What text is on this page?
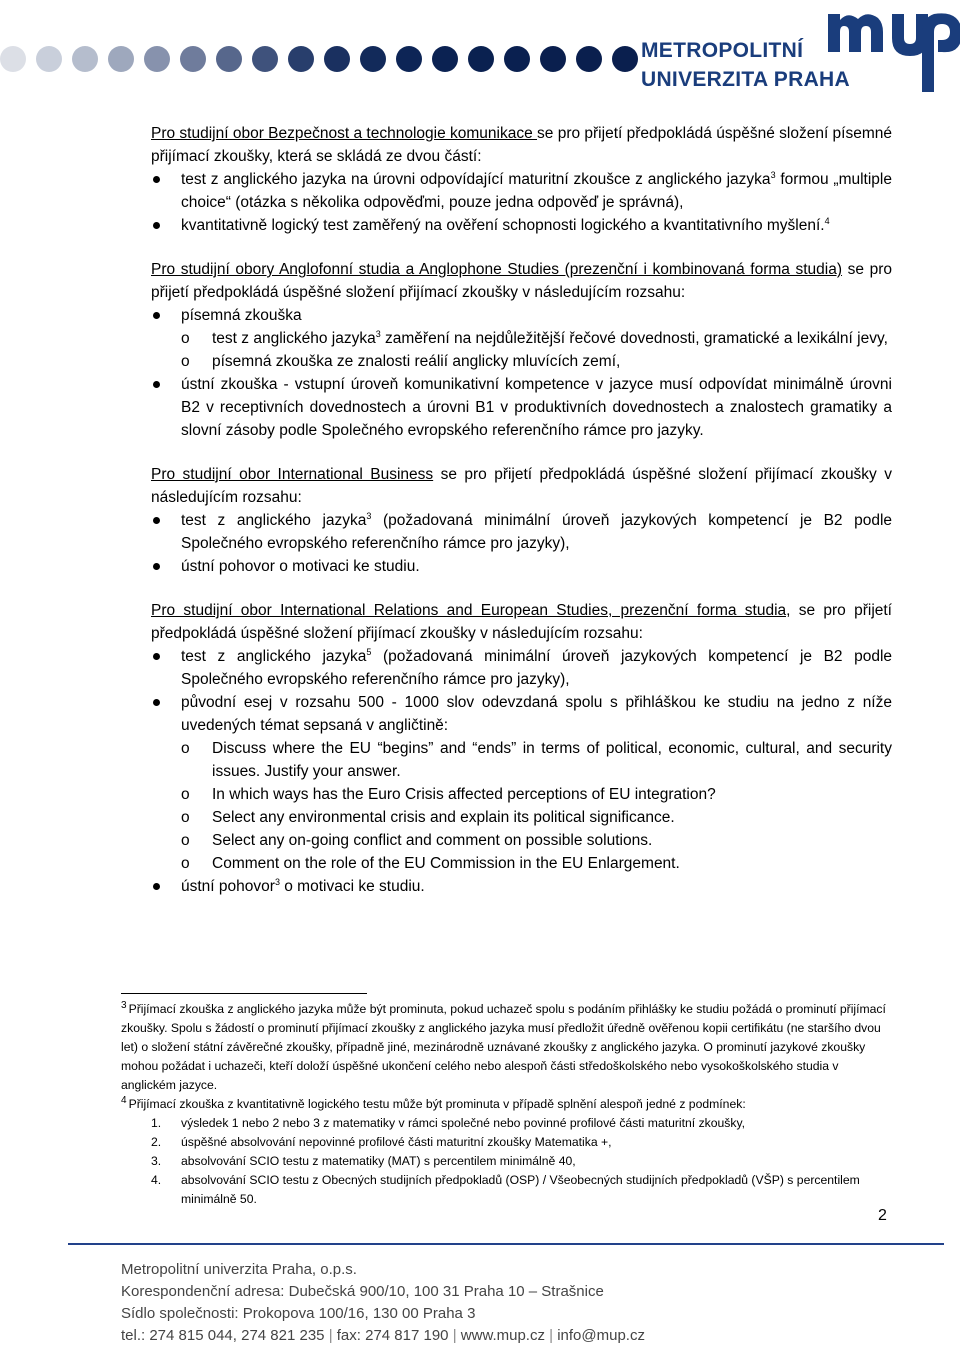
METROPOLITNÍ
UNIVERZITA PRAHA
Pro studijní obor Bezpečnost a technologie komunikace se pro přijetí předpokládá úspěšné složení písemné přijímací zkoušky, která se skládá ze dvou částí:
test z anglického jazyka na úrovni odpovídající maturitní zkoušce z anglického jazyka$^3$ formou „multiple choice“ (otázka s několika odpověďmi, pouze jedna odpověď je správná),
kvantitativně logický test zaměřený na ověření schopnosti logického a kvantitativního myšlení.$^4$
Pro studijní obory Anglofonní studia a Anglophone Studies (prezenční i kombinovaná forma studia) se pro přijetí předpokládá úspěšné složení přijímací zkoušky v následujícím rozsahu:
písemná zkouška
o test z anglického jazyka$^3$ zaměření na nejdůležitější řečové dovednosti, gramatické a lexikální jevy,
o písemná zkouška ze znalosti reálií anglicky mluvících zemí,
ústní zkouška - vstupní úroveň komunikativní kompetence v jazyce musí odpovídat minimálně úrovni B2 v receptivních dovednostech a úrovni B1 v produktivních dovednostech a znalostech gramatiky a slovní zásoby podle Společného evropského referenčního rámce pro jazyky.
Pro studijní obor International Business se pro přijetí předpokládá úspěšné složení přijímací zkoušky v následujícím rozsahu:
test z anglického jazyka$^3$ (požadovaná minimální úroveň jazykových kompetencí je B2 podle Společného evropského referenčního rámce pro jazyky),
ústní pohovor o motivaci ke studiu.
Pro studijní obor International Relations and European Studies, prezenční forma studia, se pro přijetí předpokládá úspěšné složení přijímací zkoušky v následujícím rozsahu:
test z anglického jazyka$^5$ (požadovaná minimální úroveň jazykových kompetencí je B2 podle Společného evropského referenčního rámce pro jazyky),
původní esej v rozsahu 500 - 1000 slov odevzdaná spolu s přihláškou ke studiu na jedno z níže uvedených témat sepsaná v angličtině:
o Discuss where the EU “begins” and “ends” in terms of political, economic, cultural, and security issues. Justify your answer.
o In which ways has the Euro Crisis affected perceptions of EU integration?
o Select any environmental crisis and explain its political significance.
o Select any on-going conflict and comment on possible solutions.
o Comment on the role of the EU Commission in the EU Enlargement.
ústní pohovor$^3$ o motivaci ke studiu.
$^3$ Přijímací zkouška z anglického jazyka může být prominuta, pokud uchazeč spolu s podáním přihlášky ke studiu požádá o prominutí přijímací zkoušky. Spolu s žádostí o prominutí přijímací zkoušky z anglického jazyka musí předložit úředně ověřenou kopii certifikátu (ne staršího dvou let) o složení státní závěrečné zkoušky, případně jiné, mezinárodně uznávané zkoušky z anglického jazyka. O prominutí jazykové zkoušky mohou požádat i uchazeči, kteří doloží úspěšné ukončení celého nebo alespoň části středoškolského nebo vysokoškolského studia v anglickém jazyce.
$^4$ Přijímací zkouška z kvantitativně logického testu může být prominuta v případě splnění alespoň jedné z podmínek:
1. výsledek 1 nebo 2 nebo 3 z matematiky v rámci společné nebo povinné profilové části maturitní zkoušky,
2. úspěšné absolvování nepovinné profilové části maturitní zkoušky Matematika +,
3. absolvování SCIO testu z matematiky (MAT) s percentilem minimálně 40,
4. absolvování SCIO testu z Obecných studijních předpokladů (OSP) / Všeobecných studijních předpokladů (VŠP) s percentilem minimálně 50.
2
Metropolitní univerzita Praha, o.p.s.
Korespondenční adresa: Dubečská 900/10, 100 31 Praha 10 – Strašnice
Sídlo společnosti: Prokopova 100/16, 130 00 Praha 3
tel.: 274 815 044, 274 821 235 | fax: 274 817 190 | www.mup.cz | info@mup.cz
